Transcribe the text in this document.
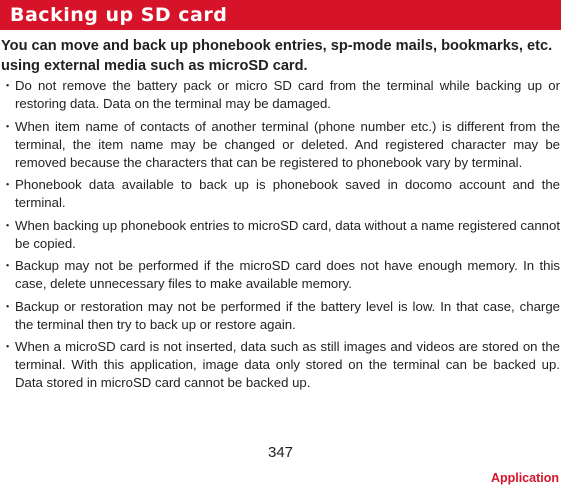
Backing up SD card
You can move and back up phonebook entries, sp-mode mails, bookmarks, etc. using external media such as microSD card.
・ Do not remove the battery pack or micro SD card from the terminal while backing up or restoring data. Data on the terminal may be damaged.
・ When item name of contacts of another terminal (phone number etc.) is different from the terminal, the item name may be changed or deleted. And registered character may be removed because the characters that can be registered to phonebook vary by terminal.
・ Phonebook data available to back up is phonebook saved in docomo account and the terminal.
・ When backing up phonebook entries to microSD card, data without a name registered cannot be copied.
・ Backup may not be performed if the microSD card does not have enough memory. In this case, delete unnecessary files to make available memory.
・ Backup or restoration may not be performed if the battery level is low. In that case, charge the terminal then try to back up or restore again.
・ When a microSD card is not inserted, data such as still images and videos are stored on the terminal. With this application, image data only stored on the terminal can be backed up. Data stored in microSD card cannot be backed up.
347
Application
